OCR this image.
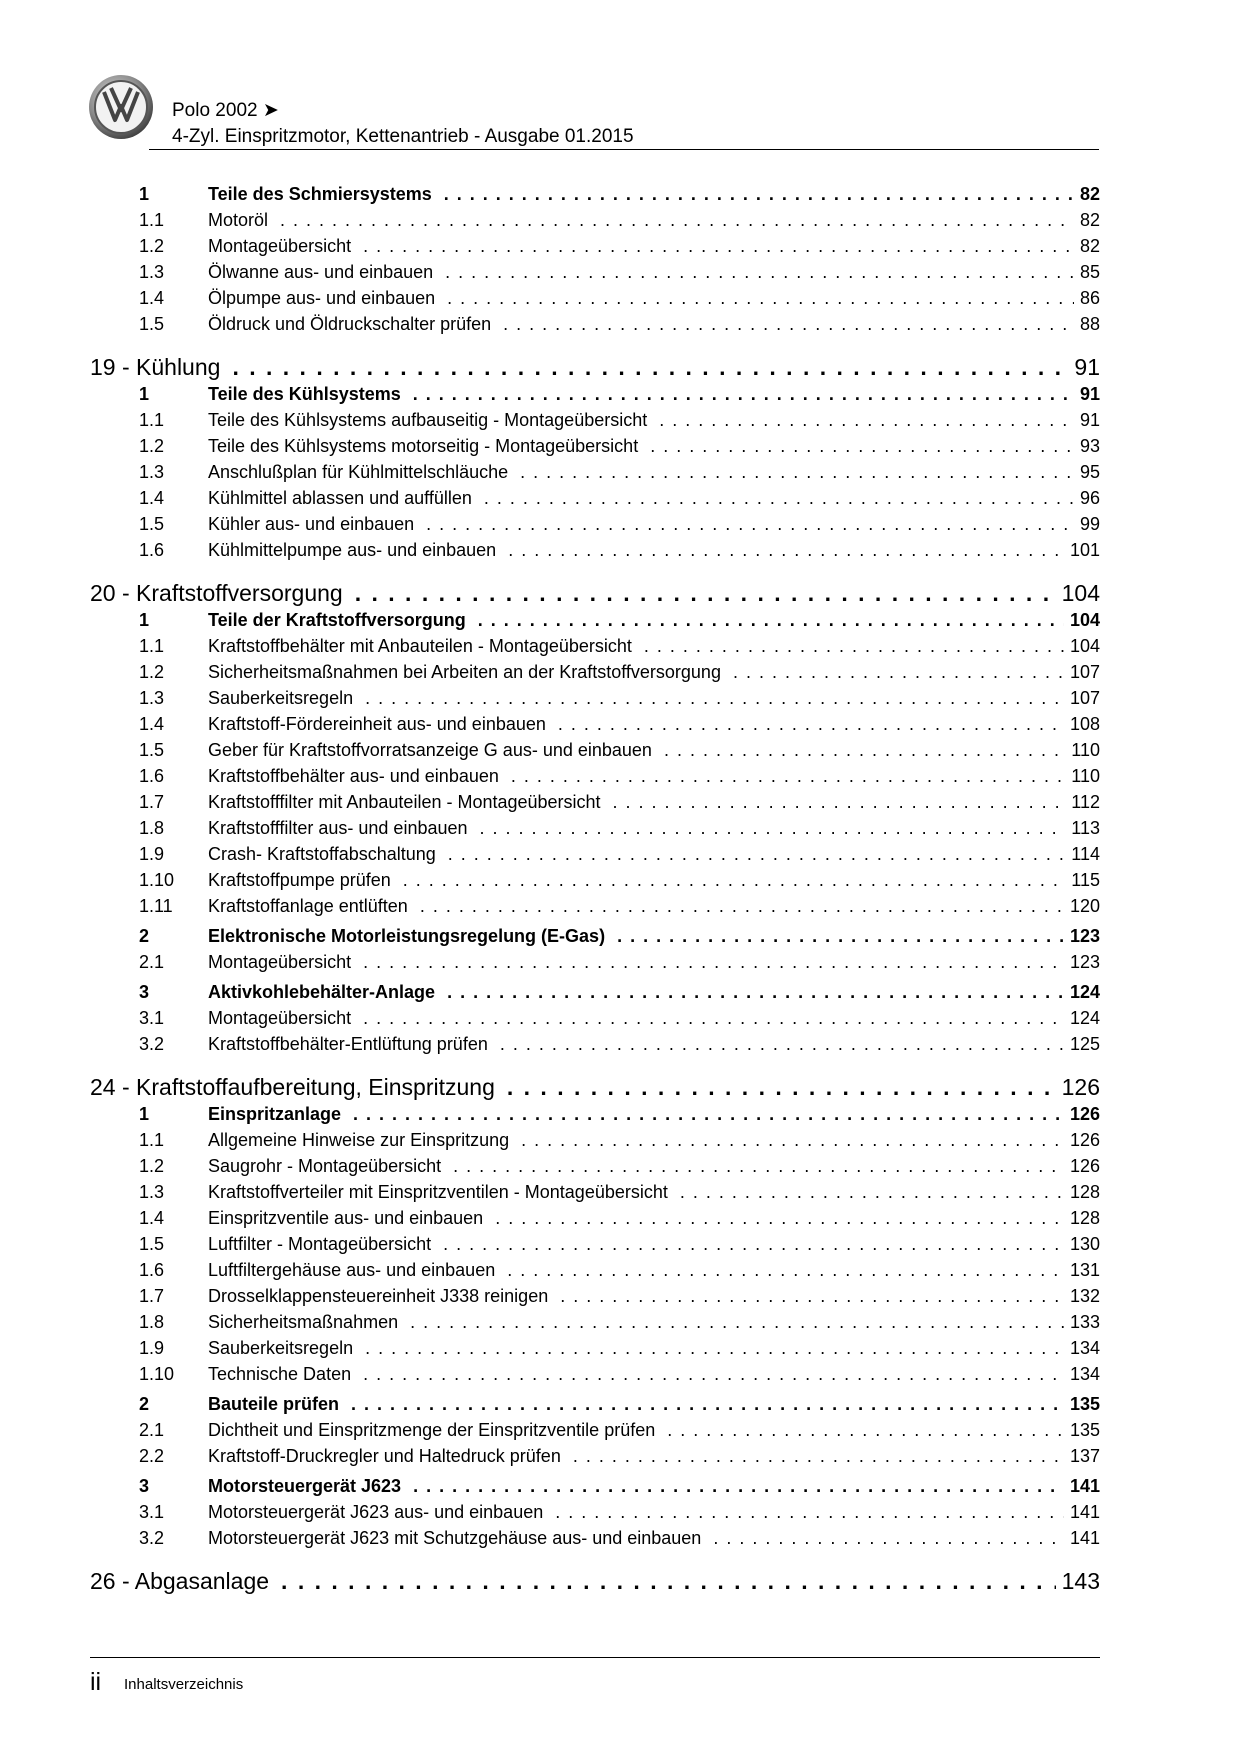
Polo 2002 ➤
4-Zyl. Einspritzmotor, Kettenantrieb - Ausgabe 01.2015
1	Teile des Schmiersystems . . .	82
1.1	Motoröl . . .	82
1.2	Montageübersicht . . .	82
1.3	Ölwanne aus- und einbauen . . .	85
1.4	Ölpumpe aus- und einbauen . . .	86
1.5	Öldruck und Öldruckschalter prüfen . . .	88
19 - Kühlung . . .	91
1	Teile des Kühlsystems . . .	91
1.1	Teile des Kühlsystems aufbauseitig - Montageübersicht . . .	91
1.2	Teile des Kühlsystems motorseitig - Montageübersicht . . .	93
1.3	Anschlußplan für Kühlmittelschläuche . . .	95
1.4	Kühlmittel ablassen und auffüllen . . .	96
1.5	Kühler aus- und einbauen . . .	99
1.6	Kühlmittelpumpe aus- und einbauen . . .	101
20 - Kraftstoffversorgung . . .	104
1	Teile der Kraftstoffversorgung . . .	104
1.1	Kraftstoffbehälter mit Anbauteilen - Montageübersicht . . .	104
1.2	Sicherheitsmaßnahmen bei Arbeiten an der Kraftstoffversorgung . . .	107
1.3	Sauberkeitsregeln . . .	107
1.4	Kraftstoff-Fördereinheit aus- und einbauen . . .	108
1.5	Geber für Kraftstoffvorratsanzeige G aus- und einbauen . . .	110
1.6	Kraftstoffbehälter aus- und einbauen . . .	110
1.7	Kraftstofffilter mit Anbauteilen - Montageübersicht . . .	112
1.8	Kraftstofffilter aus- und einbauen . . .	113
1.9	Crash- Kraftstoffabschaltung . . .	114
1.10	Kraftstoffpumpe prüfen . . .	115
1.11	Kraftstoffanlage entlüften . . .	120
2	Elektronische Motorleistungsregelung (E-Gas) . . .	123
2.1	Montageübersicht . . .	123
3	Aktivkohlebehälter-Anlage . . .	124
3.1	Montageübersicht . . .	124
3.2	Kraftstoffbehälter-Entlüftung prüfen . . .	125
24 - Kraftstoffaufbereitung, Einspritzung . . .	126
1	Einspritzanlage . . .	126
1.1	Allgemeine Hinweise zur Einspritzung . . .	126
1.2	Saugrohr - Montageübersicht . . .	126
1.3	Kraftstoffverteiler mit Einspritzventilen - Montageübersicht . . .	128
1.4	Einspritzventile aus- und einbauen . . .	128
1.5	Luftfilter - Montageübersicht . . .	130
1.6	Luftfiltergehäuse aus- und einbauen . . .	131
1.7	Drosselklappensteuereinheit J338 reinigen . . .	132
1.8	Sicherheitsmaßnahmen . . .	133
1.9	Sauberkeitsregeln . . .	134
1.10	Technische Daten . . .	134
2	Bauteile prüfen . . .	135
2.1	Dichtheit und Einspritzmenge der Einspritzventile prüfen . . .	135
2.2	Kraftstoff-Druckregler und Haltedruck prüfen . . .	137
3	Motorsteuergerät J623 . . .	141
3.1	Motorsteuergerät J623 aus- und einbauen . . .	141
3.2	Motorsteuergerät J623 mit Schutzgehäuse aus- und einbauen . . .	141
26 - Abgasanlage . . .	143
ii Inhaltsverzeichnis
